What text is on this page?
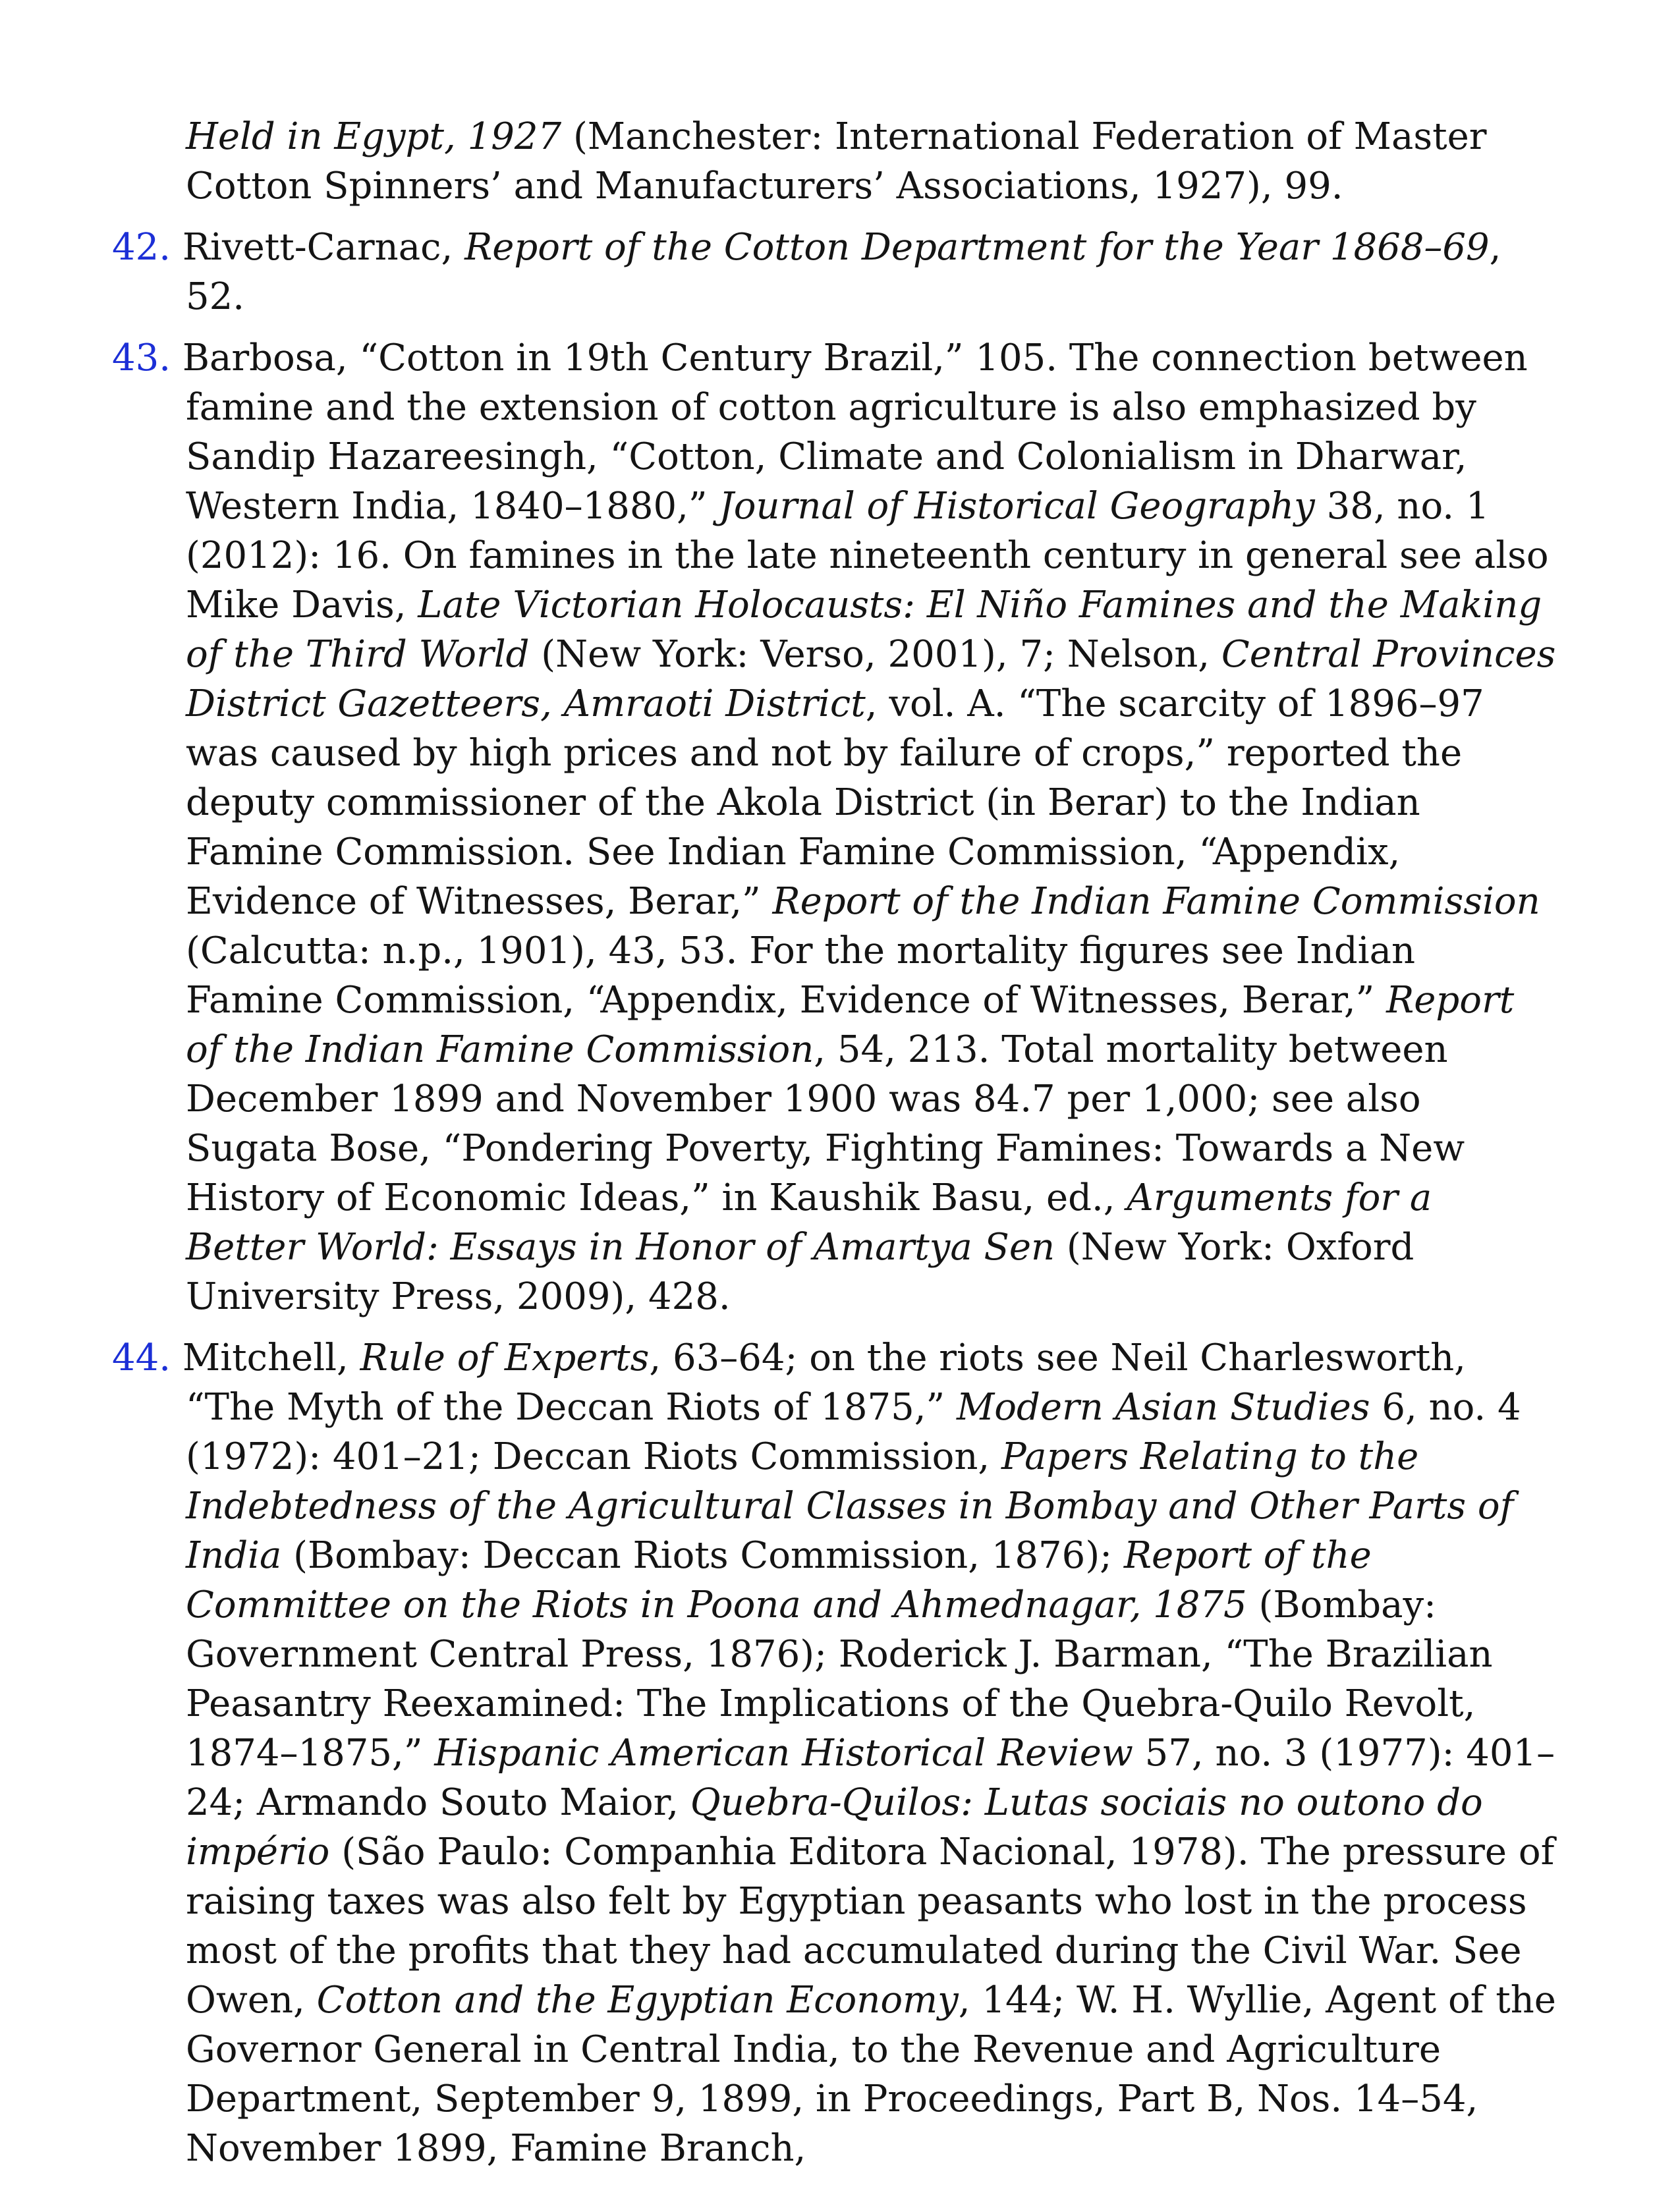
Held in Egypt, 1927 (Manchester: International Federation of Master Cotton Spinners’ and Manufacturers’ Associations, 1927), 99.

42. Rivett-Carnac, Report of the Cotton Department for the Year 1868–69, 52.

43. Barbosa, “Cotton in 19th Century Brazil,” 105. The connection between famine and the extension of cotton agriculture is also emphasized by Sandip Hazareesingh, “Cotton, Climate and Colonialism in Dharwar, Western India, 1840–1880,” Journal of Historical Geography 38, no. 1 (2012): 16. On famines in the late nineteenth century in general see also Mike Davis, Late Victorian Holocausts: El Niño Famines and the Making of the Third World (New York: Verso, 2001), 7; Nelson, Central Provinces District Gazetteers, Amraoti District, vol. A. “The scarcity of 1896–97 was caused by high prices and not by failure of crops,” reported the deputy commissioner of the Akola District (in Berar) to the Indian Famine Commission. See Indian Famine Commission, “Appendix, Evidence of Witnesses, Berar,” Report of the Indian Famine Commission (Calcutta: n.p., 1901), 43, 53. For the mortality figures see Indian Famine Commission, “Appendix, Evidence of Witnesses, Berar,” Report of the Indian Famine Commission, 54, 213. Total mortality between December 1899 and November 1900 was 84.7 per 1,000; see also Sugata Bose, “Pondering Poverty, Fighting Famines: Towards a New History of Economic Ideas,” in Kaushik Basu, ed., Arguments for a Better World: Essays in Honor of Amartya Sen (New York: Oxford University Press, 2009), 428.

44. Mitchell, Rule of Experts, 63–64; on the riots see Neil Charlesworth, “The Myth of the Deccan Riots of 1875,” Modern Asian Studies 6, no. 4 (1972): 401–21; Deccan Riots Commission, Papers Relating to the Indebtedness of the Agricultural Classes in Bombay and Other Parts of India (Bombay: Deccan Riots Commission, 1876); Report of the Committee on the Riots in Poona and Ahmednagar, 1875 (Bombay: Government Central Press, 1876); Roderick J. Barman, “The Brazilian Peasantry Reexamined: The Implications of the Quebra-Quilo Revolt, 1874–1875,” Hispanic American Historical Review 57, no. 3 (1977): 401–24; Armando Souto Maior, Quebra-Quilos: Lutas sociais no outono do império (São Paulo: Companhia Editora Nacional, 1978). The pressure of raising taxes was also felt by Egyptian peasants who lost in the process most of the profits that they had accumulated during the Civil War. See Owen, Cotton and the Egyptian Economy, 144; W. H. Wyllie, Agent of the Governor General in Central India, to the Revenue and Agriculture Department, September 9, 1899, in Proceedings, Part B, Nos. 14–54, November 1899, Famine Branch,
